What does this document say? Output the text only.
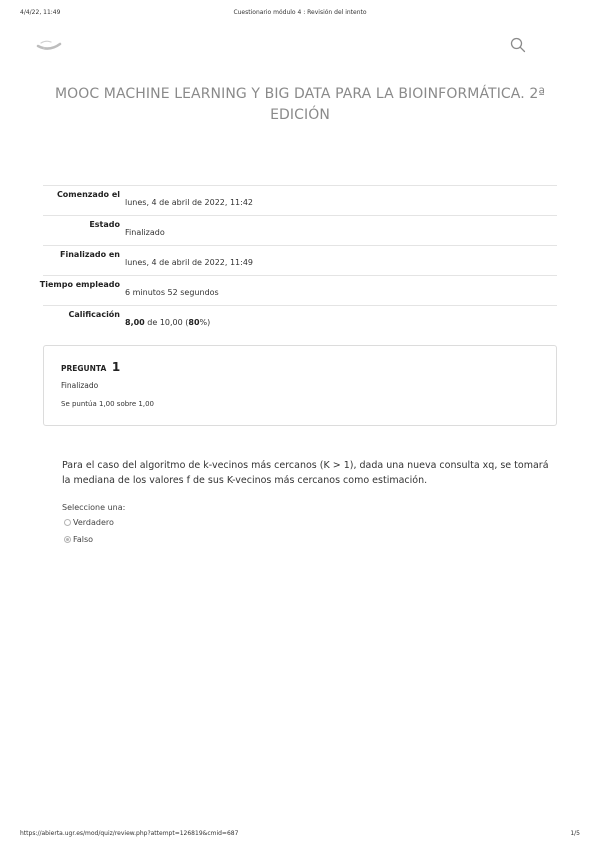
4/4/22, 11:49	Cuestionario módulo 4 : Revisión del intento
MOOC MACHINE LEARNING Y BIG DATA PARA LA BIOINFORMÁTICA. 2ª EDICIÓN
Comenzado el
lunes, 4 de abril de 2022, 11:42
Estado
Finalizado
Finalizado en
lunes, 4 de abril de 2022, 11:49
Tiempo empleado
6 minutos 52 segundos
Calificación
8,00 de 10,00 (80%)
PREGUNTA 1
Finalizado
Se puntúa 1,00 sobre 1,00
Para el caso del algoritmo de k-vecinos más cercanos (K > 1), dada una nueva consulta xq, se tomará la mediana de los valores f de sus K-vecinos más cercanos como estimación.
Seleccione una:
Verdadero
Falso
https://abierta.ugr.es/mod/quiz/review.php?attempt=126819&cmid=687	1/5
